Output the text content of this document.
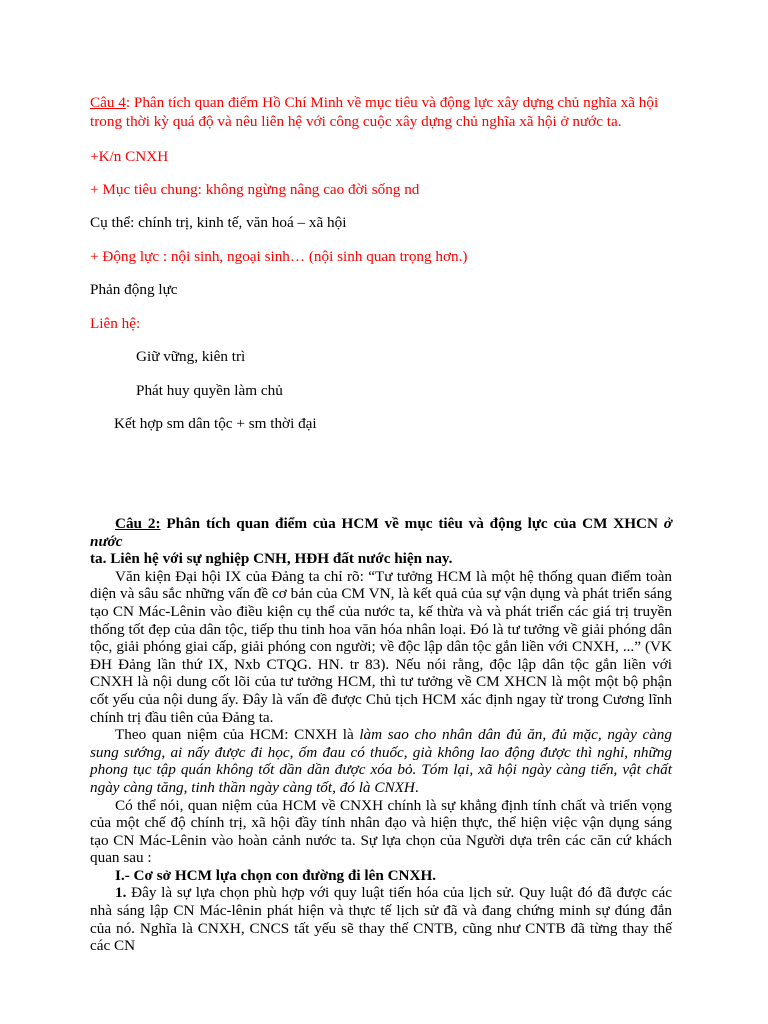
Câu 4: Phân tích quan điểm Hồ Chí Minh về mục tiêu và động lực xây dựng chủ nghĩa xã hội
trong thời kỳ quá độ và nêu liên hệ với công cuộc xây dựng chủ nghĩa xã hội ở nước ta.
+K/n CNXH
+ Mục tiêu chung: không ngừng nâng cao đời sống nd
Cụ thể: chính trị, kinh tế, văn hoá – xã hội
+ Động lực : nội sinh, ngoại sinh… (nội sinh quan trọng hơn.)
Phản động lực
Liên hệ:
Giữ vững, kiên trì
Phát huy quyền làm chủ
Kết hợp sm dân tộc + sm thời đại

Câu 2: Phân tích quan điểm của HCM về mục tiêu và động lực của CM XHCN ở nước

ta. Liên hệ với sự nghiệp CNH, HĐH đất nước hiện nay.

Văn kiện Đại hội IX của Đảng ta chỉ rõ: “Tư tưởng HCM là một hệ thống quan điểm toàn diện và sâu sắc những vấn đề cơ bản của CM VN, là kết quả của sự vận dụng và phát triển sáng tạo CN Mác-Lênin vào điều kiện cụ thể của nước ta, kế thừa và và phát triển các giá trị truyền thống tốt đẹp của dân tộc, tiếp thu tinh hoa văn hóa nhân loại. Đó là tư tưởng về giải phóng dân tộc, giải phóng giai cấp, giải phóng con người; về độc lập dân tộc gắn liền với CNXH, ...” (VK ĐH Đảng lần thứ IX, Nxb CTQG. HN. tr 83). Nếu nói rằng, độc lập dân tộc gắn liền với CNXH là nội dung cốt lõi của tư tưởng HCM, thì tư tưởng về CM XHCN là một một bộ phận cốt yếu của nội dung ấy. Đây là vấn đề được Chủ tịch HCM xác định ngay từ trong Cương lĩnh chính trị đầu tiên của Đảng ta.

Theo quan niệm của HCM: CNXH là làm sao cho nhân dân đủ ăn, đủ mặc, ngày càng sung sướng, ai nấy được đi học, ốm đau có thuốc, già không lao động được thì nghỉ, những phong tục tập quán không tốt dần dần được xóa bỏ. Tóm lại, xã hội ngày càng tiến, vật chất ngày càng tăng, tinh thần ngày càng tốt, đó là CNXH.

Có thể nói, quan niệm của HCM về CNXH chính là sự khẳng định tính chất và triển vọng của một chế độ chính trị, xã hội đầy tính nhân đạo và hiện thực, thể hiện việc vận dụng sáng tạo CN Mác-Lênin vào hoàn cảnh nước ta. Sự lựa chọn của Người dựa trên các căn cứ khách quan sau :

I.- Cơ sở HCM lựa chọn con đường đi lên CNXH.

1. Đây là sự lựa chọn phù hợp với quy luật tiến hóa của lịch sử. Quy luật đó đã được các nhà sáng lập CN Mác-lênin phát hiện và thực tế lịch sử đã và đang chứng minh sự đúng đắn của nó. Nghĩa là CNXH, CNCS tất yếu sẽ thay thế CNTB, cũng như CNTB đã từng thay thế các CN
